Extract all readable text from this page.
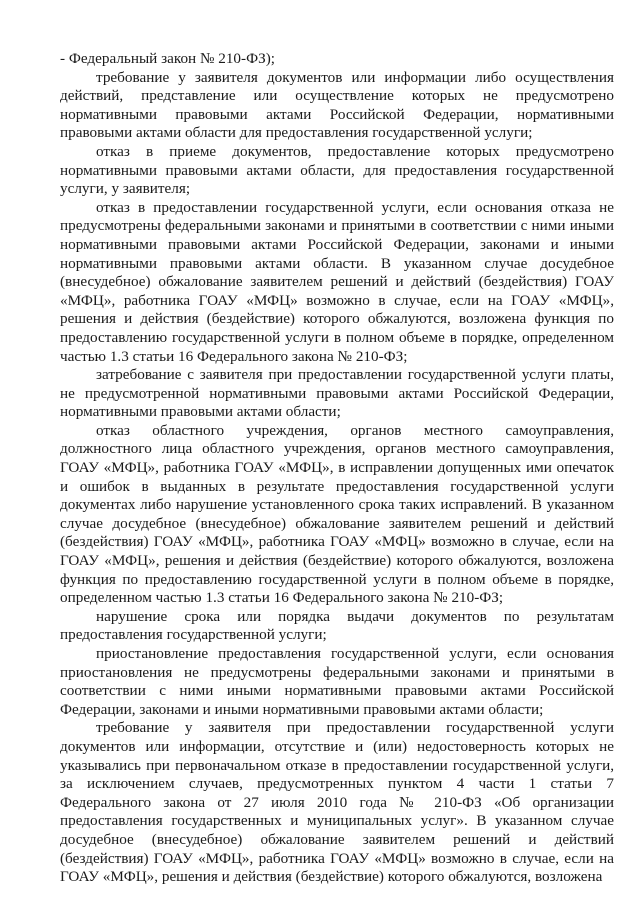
- Федеральный закон № 210-ФЗ);

требование у заявителя документов или информации либо осуществления действий, представление или осуществление которых не предусмотрено нормативными правовыми актами Российской Федерации, нормативными правовыми актами области для предоставления государственной услуги;

отказ в приеме документов, предоставление которых предусмотрено нормативными правовыми актами области, для предоставления государственной услуги, у заявителя;

отказ в предоставлении государственной услуги, если основания отказа не предусмотрены федеральными законами и принятыми в соответствии с ними иными нормативными правовыми актами Российской Федерации, законами и иными нормативными правовыми актами области. В указанном случае досудебное (внесудебное) обжалование заявителем решений и действий (бездействия) ГОАУ «МФЦ», работника ГОАУ «МФЦ» возможно в случае, если на ГОАУ «МФЦ», решения и действия (бездействие) которого обжалуются, возложена функция по предоставлению государственной услуги в полном объеме в порядке, определенном частью 1.3 статьи 16 Федерального закона № 210-ФЗ;

затребование с заявителя при предоставлении государственной услуги платы, не предусмотренной нормативными правовыми актами Российской Федерации, нормативными правовыми актами области;

отказ областного учреждения, органов местного самоуправления, должностного лица областного учреждения, органов местного самоуправления, ГОАУ «МФЦ», работника ГОАУ «МФЦ», в исправлении допущенных ими опечаток и ошибок в выданных в результате предоставления государственной услуги документах либо нарушение установленного срока таких исправлений. В указанном случае досудебное (внесудебное) обжалование заявителем решений и действий (бездействия) ГОАУ «МФЦ», работника ГОАУ «МФЦ» возможно в случае, если на ГОАУ «МФЦ», решения и действия (бездействие) которого обжалуются, возложена функция по предоставлению государственной услуги в полном объеме в порядке, определенном частью 1.3 статьи 16 Федерального закона № 210-ФЗ;

нарушение срока или порядка выдачи документов по результатам предоставления государственной услуги;

приостановление предоставления государственной услуги, если основания приостановления не предусмотрены федеральными законами и принятыми в соответствии с ними иными нормативными правовыми актами Российской Федерации, законами и иными нормативными правовыми актами области;

требование у заявителя при предоставлении государственной услуги документов или информации, отсутствие и (или) недостоверность которых не указывались при первоначальном отказе в предоставлении государственной услуги, за исключением случаев, предусмотренных пунктом 4 части 1 статьи 7 Федерального закона от 27 июля 2010 года № 210-ФЗ «Об организации предоставления государственных и муниципальных услуг». В указанном случае досудебное (внесудебное) обжалование заявителем решений и действий (бездействия) ГОАУ «МФЦ», работника ГОАУ «МФЦ» возможно в случае, если на ГОАУ «МФЦ», решения и действия (бездействие) которого обжалуются, возложена
